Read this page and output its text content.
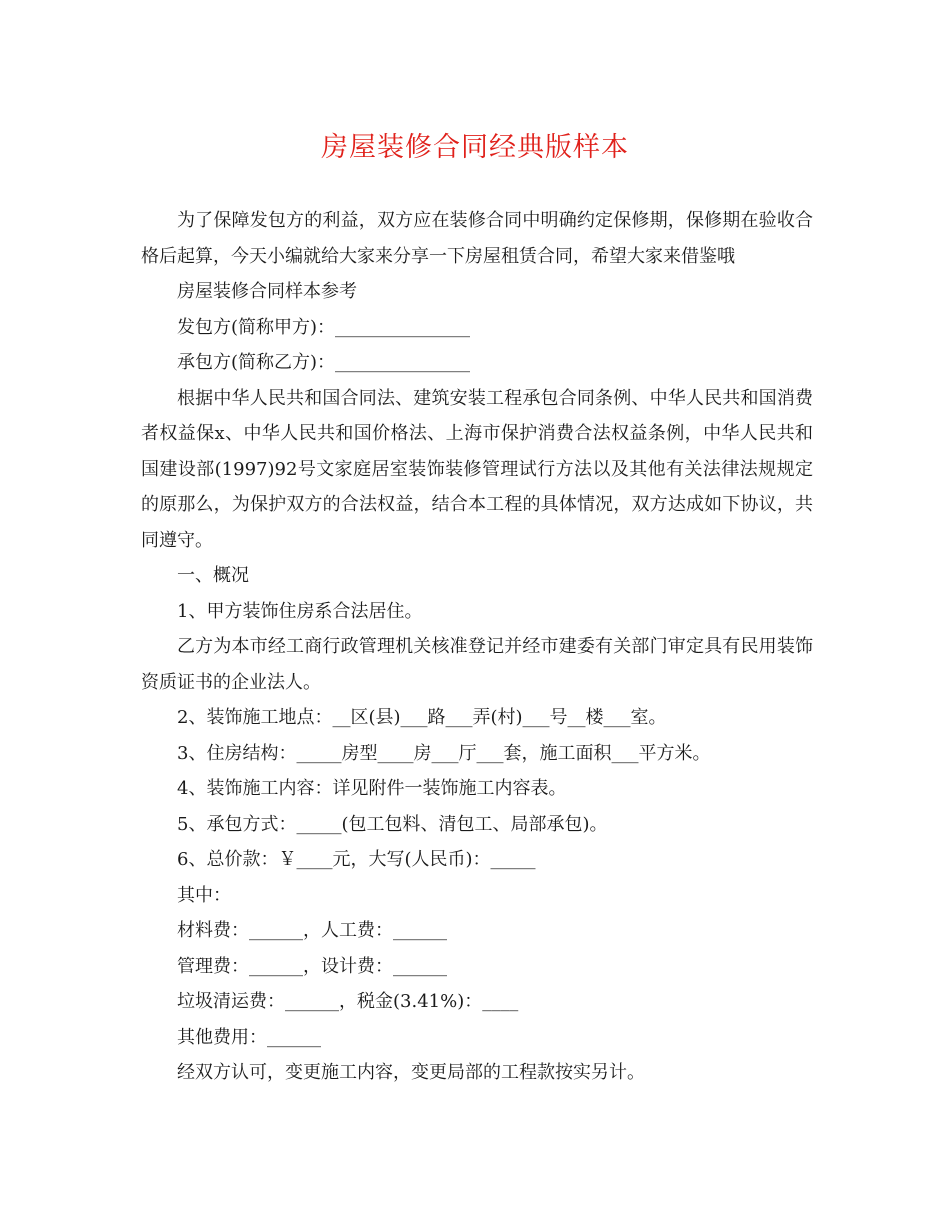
房屋装修合同经典版样本

为了保障发包方的利益，双方应在装修合同中明确约定保修期，保修期在验收合格后起算，今天小编就给大家来分享一下房屋租赁合同，希望大家来借鉴哦

房屋装修合同样本参考

发包方(简称甲方)：_______________

承包方(简称乙方)：_______________

根据中华人民共和国合同法、建筑安装工程承包合同条例、中华人民共和国消费者权益保x、中华人民共和国价格法、上海市保护消费合法权益条例，中华人民共和国建设部(1997)92号文家庭居室装饰装修管理试行方法以及其他有关法律法规规定的原那么，为保护双方的合法权益，结合本工程的具体情况，双方达成如下协议，共同遵守。

一、概况

1、甲方装饰住房系合法居住。

乙方为本市经工商行政管理机关核准登记并经市建委有关部门审定具有民用装饰资质证书的企业法人。

2、装饰施工地点：__区(县)___路___弄(村)___号__楼___室。

3、住房结构：_____房型____房___厅___套，施工面积___平方米。

4、装饰施工内容：详见附件一装饰施工内容表。

5、承包方式：_____(包工包料、清包工、局部承包)。

6、总价款：￥____元，大写(人民币)：_____

其中：

材料费：______，人工费：______

管理费：______，设计费：______

垃圾清运费：______，税金(3.41%)：____

其他费用：______

经双方认可，变更施工内容，变更局部的工程款按实另计。
